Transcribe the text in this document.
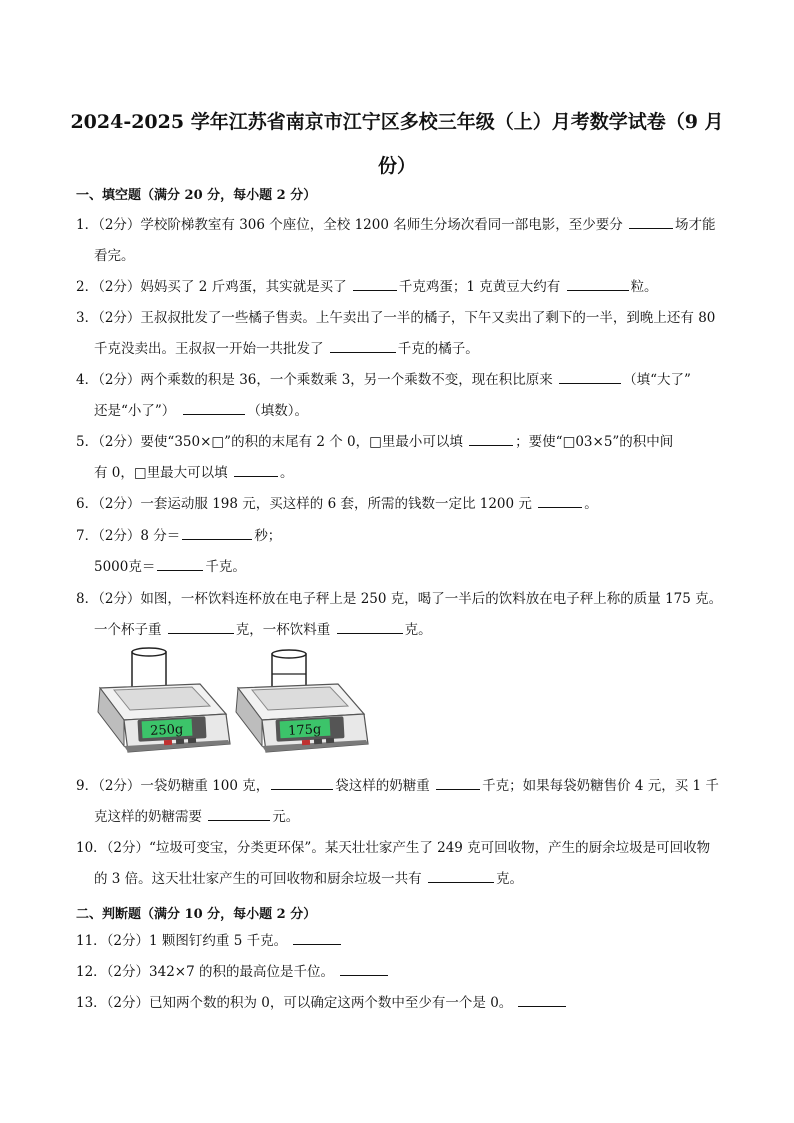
2024-2025 学年江苏省南京市江宁区多校三年级（上）月考数学试卷（9 月
份）
一、填空题（满分 20 分，每小题 2 分）
1．（2分）学校阶梯教室有 306 个座位，全校 1200 名师生分场次看同一部电影，至少要分	场才能
看完。
2．（2分）妈妈买了 2 斤鸡蛋，其实就是买了	千克鸡蛋；1 克黄豆大约有	粒。
3．（2分）王叔叔批发了一些橘子售卖。上午卖出了一半的橘子，下午又卖出了剩下的一半，到晚上还有 80
千克没卖出。王叔叔一开始一共批发了	千克的橘子。
4．（2分）两个乘数的积是 36，一个乘数乘 3，另一个乘数不变，现在积比原来	（填“大了”
还是“小了”）	（填数）。
5．（2分）要使“350×□”的积的末尾有 2 个 0，□里最小可以填	；要使“□03×5”的积中间
有 0，□里最大可以填	。
6．（2分）一套运动服 198 元，买这样的 6 套，所需的钱数一定比 1200 元	。
7．（2分）8 分＝	秒；
5000克＝	千克。
8．（2分）如图，一杯饮料连杯放在电子秤上是 250 克，喝了一半后的饮料放在电子秤上称的质量 175 克。
一个杯子重	克，一杯饮料重	克。
250g	175g
9．（2分）一袋奶糖重 100 克，	袋这样的奶糖重	千克；如果每袋奶糖售价 4 元，买 1 千
克这样的奶糖需要	元。
10．（2分）“垃圾可变宝，分类更环保”。某天壮壮家产生了 249 克可回收物，产生的厨余垃圾是可回收物
的 3 倍。这天壮壮家产生的可回收物和厨余垃圾一共有	克。
二、判断题（满分 10 分，每小题 2 分）
11．（2分）1 颗图钉约重 5 千克。
12．（2分）342×7 的积的最高位是千位。
13．（2分）已知两个数的积为 0，可以确定这两个数中至少有一个是 0。
